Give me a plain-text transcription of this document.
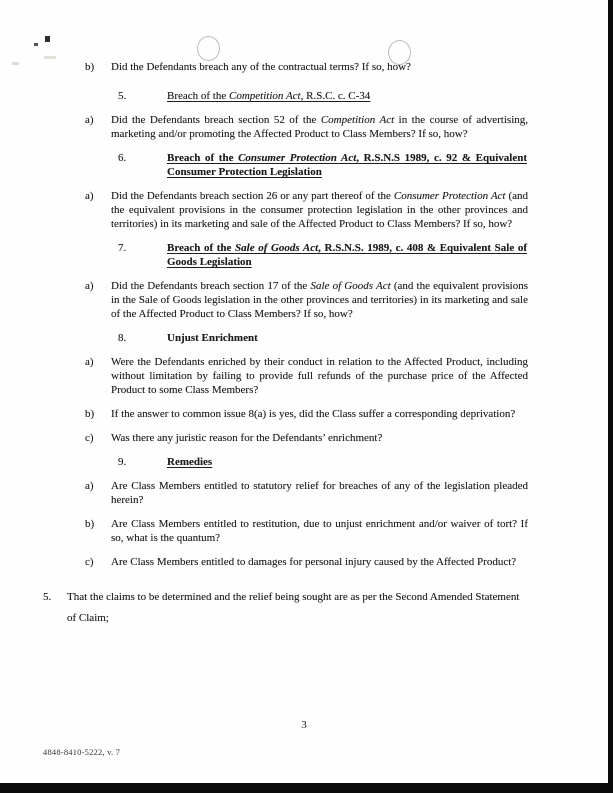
b)	Did the Defendants breach any of the contractual terms? If so, how?

5.	Breach of the Competition Act, R.S.C. c. C-34

a)	Did the Defendants breach section 52 of the Competition Act in the course of advertising, marketing and/or promoting the Affected Product to Class Members? If so, how?

6.	Breach of the Consumer Protection Act, R.S.N.S 1989, c. 92 & Equivalent Consumer Protection Legislation

a)	Did the Defendants breach section 26 or any part thereof of the Consumer Protection Act (and the equivalent provisions in the consumer protection legislation in the other provinces and territories) in its marketing and sale of the Affected Product to Class Members? If so, how?

7.	Breach of the Sale of Goods Act, R.S.N.S. 1989, c. 408 & Equivalent Sale of Goods Legislation

a)	Did the Defendants breach section 17 of the Sale of Goods Act (and the equivalent provisions in the Sale of Goods legislation in the other provinces and territories) in its marketing and sale of the Affected Product to Class Members? If so, how?

8.	Unjust Enrichment

a)	Were the Defendants enriched by their conduct in relation to the Affected Product, including without limitation by failing to provide full refunds of the purchase price of the Affected Product to some Class Members?

b)	If the answer to common issue 8(a) is yes, did the Class suffer a corresponding deprivation?

c)	Was there any juristic reason for the Defendants’ enrichment?

9.	Remedies

a)	Are Class Members entitled to statutory relief for breaches of any of the legislation pleaded herein?

b)	Are Class Members entitled to restitution, due to unjust enrichment and/or waiver of tort? If so, what is the quantum?

c)	Are Class Members entitled to damages for personal injury caused by the Affected Product?

5.	That the claims to be determined and the relief being sought are as per the Second Amended Statement of Claim;

3
4848-8410-5222, v. 7
